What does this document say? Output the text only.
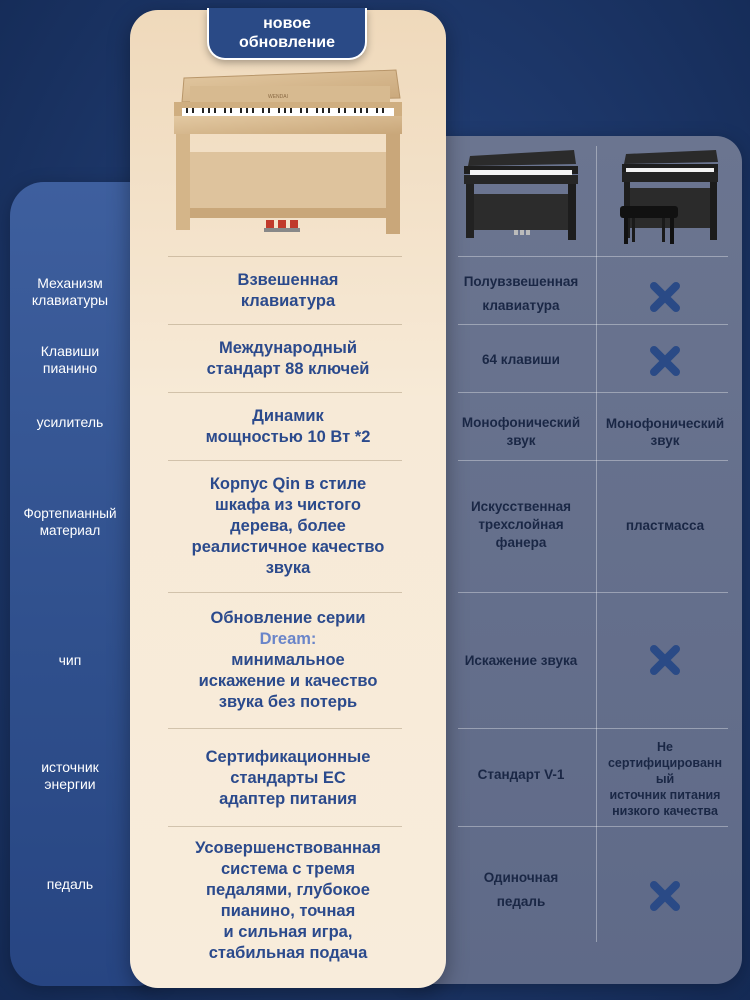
новое
обновление
WENDAI
Механизм
клавиатуры
Клавиши
пианино
усилитель
Фортепианный
материал
чип
источник
энергии
педаль
Взвешенная
клавиатура
Международный
стандарт 88 ключей
Динамик
мощностью 10 Вт *2
Корпус Qin в стиле
шкафа из чистого
дерева, более
реалистичное качество
звука
Обновление серии
Dream:
минимальное
искажение и качество
звука без потерь
Сертификационные
стандарты ЕС
адаптер питания
Усовершенствованная
система с тремя
педалями, глубокое
пианино, точная
и сильная игра,
стабильная подача
Полувзвешенная
клавиатура
64 клавиши
Монофонический
звук
Искусственная
трехслойная
фанера
Искажение звука
Стандарт V-1
Одиночная
педаль
Монофонический
звук
пластмасса
Не
сертифицированн
ый
источник питания
низкого качества
